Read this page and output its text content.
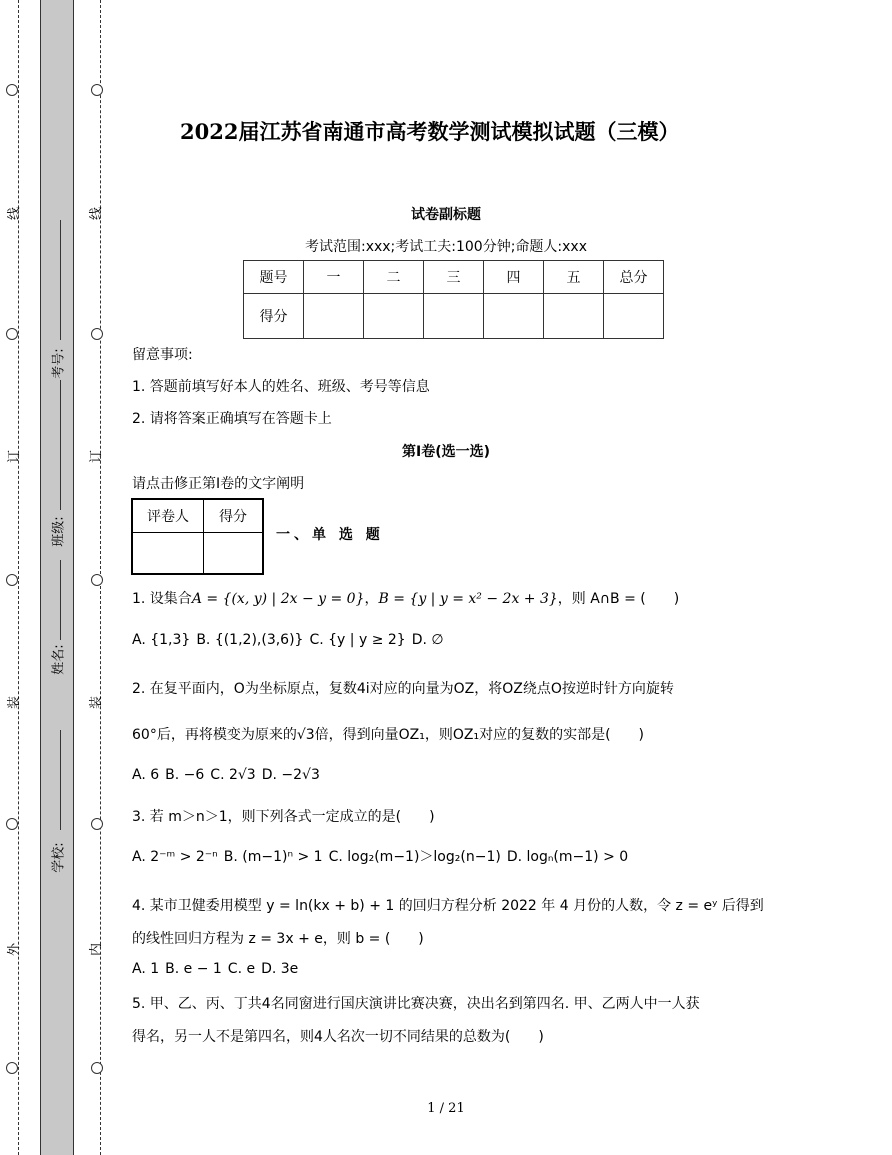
外
装
订
线
学校:
姓名:
班级:
考号:
内
装
订
线
2022届江苏省南通市高考数学测试模拟试题（三模）
试卷副标题
考试范围:xxx;考试工夫:100分钟;命题人:xxx
题号	一	二	三	四	五	总分
得分						
留意事项:
1. 答题前填写好本人的姓名、班级、考号等信息
2. 请将答案正确填写在答题卡上
第I卷(选一选)
请点击修正第I卷的文字阐明
评卷人	得分

一、单 选 题
1. 设集合A = {(x, y) | 2x − y = 0}，B = {y | y = x² − 2x + 3}，则 A∩B = (　　)
A. {1,3} B. {(1,2),(3,6)} C. {y | y ≥ 2} D. ∅
2. 在复平面内，O为坐标原点，复数4i对应的向量为OZ，将OZ绕点O按逆时针方向旋转
60°后，再将模变为原来的√3倍，得到向量OZ₁，则OZ₁对应的复数的实部是(　　)
A. 6 B. −6 C. 2√3 D. −2√3
3. 若 m＞n＞1，则下列各式一定成立的是(　　)
A. 2⁻ᵐ > 2⁻ⁿ B. (m−1)ⁿ > 1 C. log₂(m−1)＞log₂(n−1) D. logₙ(m−1) > 0
4. 某市卫健委用模型 y = ln(kx + b) + 1 的回归方程分析 2022 年 4 月份的人数，令 z = eʸ 后得到
的线性回归方程为 z = 3x + e，则 b = (　　)
A. 1 B. e − 1 C. e D. 3e
5. 甲、乙、丙、丁共4名同窗进行国庆演讲比赛决赛，决出名到第四名. 甲、乙两人中一人获
得名，另一人不是第四名，则4人名次一切不同结果的总数为(　　)
1 / 21
